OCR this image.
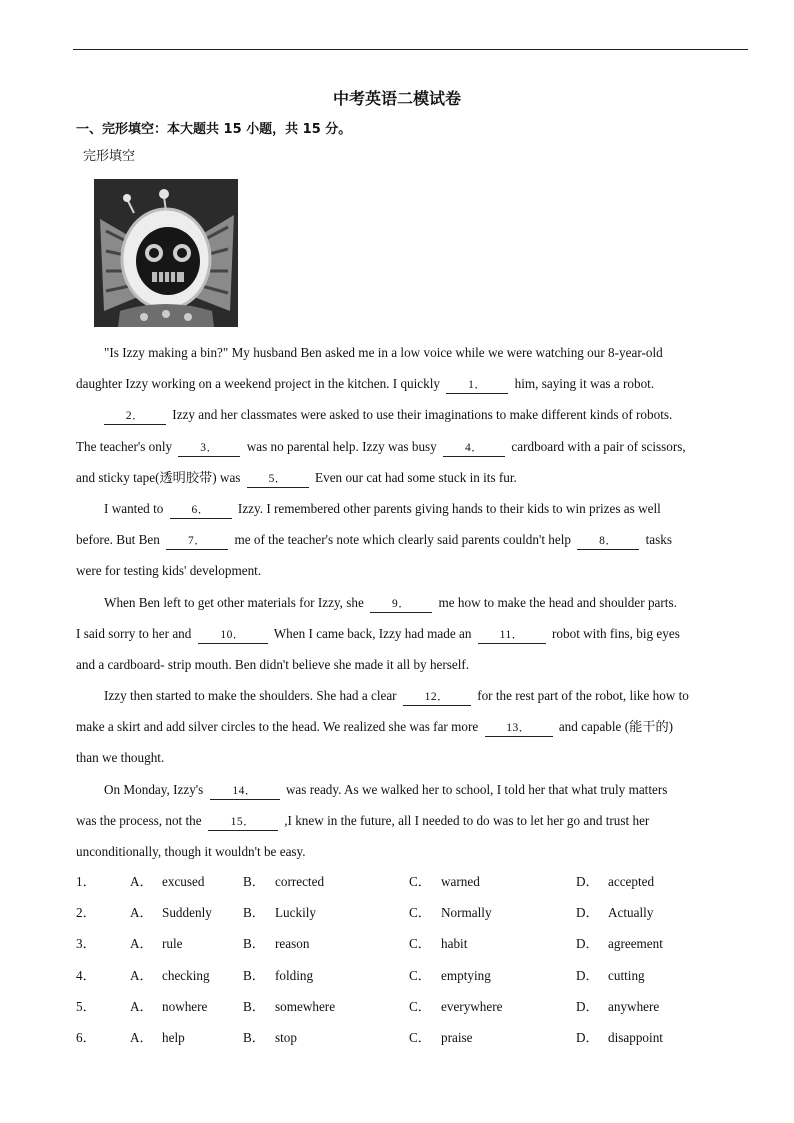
中考英语二模试卷
一、完形填空：本大题共 15 小题，共 15 分。
完形填空
"Is Izzy making a bin?" My husband Ben asked me in a low voice while we were watching our 8-year-old
daughter Izzy working on a weekend project in the kitchen. I quickly 1． him, saying it was a robot.
2． Izzy and her classmates were asked to use their imaginations to make different kinds of robots.
The teacher's only 3． was no parental help. Izzy was busy 4． cardboard with a pair of scissors,
and sticky tape(透明胶带) was 5． Even our cat had some stuck in its fur.
I wanted to 6． Izzy. I remembered other parents giving hands to their kids to win prizes as well
before. But Ben 7． me of the teacher's note which clearly said parents couldn't help 8． tasks
were for testing kids' development.
When Ben left to get other materials for Izzy, she 9． me how to make the head and shoulder parts.
I said sorry to her and	10． When I came back, Izzy had made an 11． robot with fins, big eyes
and a cardboard- strip mouth. Ben didn't believe she made it all by herself.
Izzy then started to make the shoulders. She had a clear 12． for the rest part of the robot, like how to
make a skirt and add silver circles to the head. We realized she was far more 13． and capable (能干的)
than we thought.
On Monday, Izzy's	14． was ready. As we walked her to school, I told her that what truly matters
was the process, not the	15． ,I knew in the future, all I needed to do was to let her go and trust her
unconditionally, though it wouldn't be easy.
1．	A． excused	B． corrected	C． warned	D． accepted
2．	A． Suddenly B． Luckily	C． Normally	D． Actually
3．	A． rule	B． reason	C． habit	D． agreement
4．	A． checking	B． folding	C． emptying	D． cutting
5．	A． nowhere	B． somewhere	C． everywhere	D． anywhere
6．	A． help	B． stop	C． praise	D． disappoint
